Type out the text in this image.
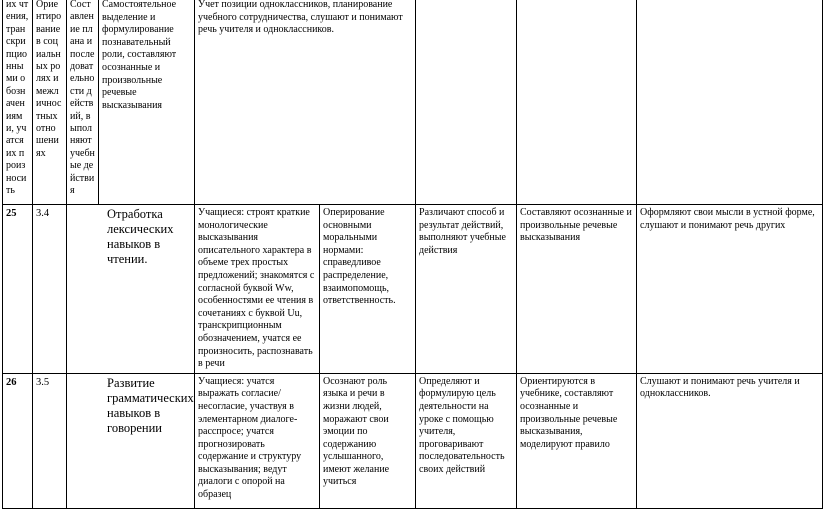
их чтения, транскрипционными обозначениям и, учатся их произносить	Ориентирование в социальных ролях и межличностных отношениях	Составление плана и последовательности действий, выполняют учебные действия	Самостоятельное выделение и формулирование познавательный роли, составляют осознанные и произвольные речевые высказывания	Учет позиции одноклассников, планирование учебного сотрудничества, слушают и понимают речь учителя и одноклассников.				
25	3.4	Отработка лексических навыков в чтении.		Учащиеся: строят краткие монологические высказывания описательного характера в объеме трех простых предложений; знакомятся с согласной буквой Ww, особенностями ее чтения в сочетаниях с буквой Uu, транскрипционным обозначением, учатся ее произносить, распознавать в речи	Оперирование основными моральными нормами: справедливое распределение, взаимопомощь, ответственность.	Различают способ и результат действий, выполняют учебные действия	Составляют осознанные и произвольные речевые высказывания	Оформляют свои мысли в устной форме, слушают и понимают речь других
26	3.5	Развитие грамматических навыков в говорении		Учащиеся: учатся выражать согласие/несогласие, участвуя в элементарном диалоге-расспросе; учатся прогнозировать содержание и структуру высказывания; ведут диалоги с опорой на образец	Осознают роль языка и речи в жизни людей, моражают свои эмоции по содержанию услышанного, имеют желание учиться	Определяют и формулирую цель деятельности на уроке с помощью учителя, проговаривают последовательность своих действий	Ориентируются в учебнике, составляют осознанные и произвольные речевые высказывания, моделируют правило	Слушают и понимают речь учителя и одноклассников.
